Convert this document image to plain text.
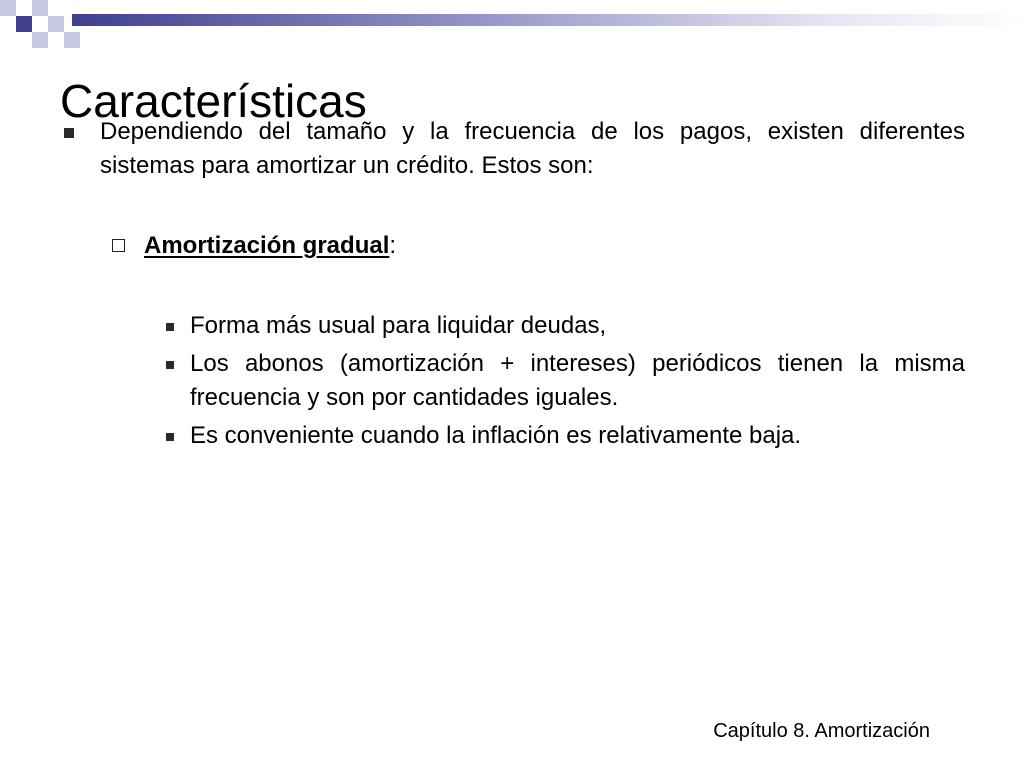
Características
Dependiendo del tamaño y la frecuencia de los pagos, existen diferentes sistemas para amortizar un crédito. Estos son:
Amortización gradual:
Forma más usual para liquidar deudas,
Los abonos (amortización + intereses) periódicos tienen la misma frecuencia y son por cantidades iguales.
Es conveniente cuando la inflación es relativamente baja.
Capítulo 8. Amortización
